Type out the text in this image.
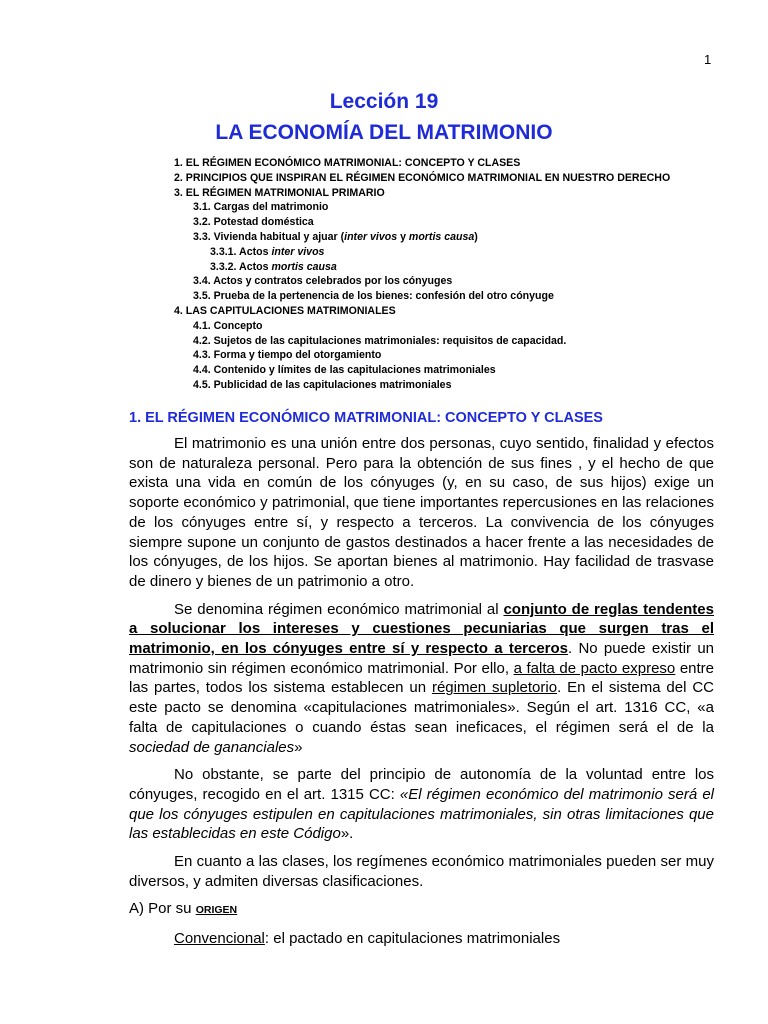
1
Lección 19
LA ECONOMÍA DEL MATRIMONIO
1. EL RÉGIMEN ECONÓMICO MATRIMONIAL: CONCEPTO Y CLASES
2. PRINCIPIOS QUE INSPIRAN EL RÉGIMEN ECONÓMICO MATRIMONIAL EN NUESTRO DERECHO
3. EL RÉGIMEN MATRIMONIAL PRIMARIO
3.1. Cargas del matrimonio
3.2. Potestad doméstica
3.3. Vivienda habitual y ajuar (inter vivos y mortis causa)
3.3.1. Actos inter vivos
3.3.2. Actos mortis causa
3.4. Actos y contratos celebrados por los cónyuges
3.5. Prueba de la pertenencia de los bienes: confesión del otro cónyuge
4. LAS CAPITULACIONES MATRIMONIALES
4.1. Concepto
4.2. Sujetos de las capitulaciones matrimoniales: requisitos de capacidad.
4.3. Forma y tiempo del otorgamiento
4.4. Contenido y límites de las capitulaciones matrimoniales
4.5. Publicidad de las capitulaciones matrimoniales
1. EL RÉGIMEN ECONÓMICO MATRIMONIAL: CONCEPTO Y CLASES

El matrimonio es una unión entre dos personas, cuyo sentido, finalidad y efectos son de naturaleza personal. Pero para la obtención de sus fines , y el hecho de que exista una vida en común de los cónyuges (y, en su caso, de sus hijos) exige un soporte económico y patrimonial, que tiene importantes repercusiones en las relaciones de los cónyuges entre sí, y respecto a terceros. La convivencia de los cónyuges siempre supone un conjunto de gastos destinados a hacer frente a las necesidades de los cónyuges, de los hijos. Se aportan bienes al matrimonio. Hay facilidad de trasvase de dinero y bienes de un patrimonio a otro.

Se denomina régimen económico matrimonial al conjunto de reglas tendentes a solucionar los intereses y cuestiones pecuniarias que surgen tras el matrimonio, en los cónyuges entre sí y respecto a terceros. No puede existir un matrimonio sin régimen económico matrimonial. Por ello, a falta de pacto expreso entre las partes, todos los sistema establecen un régimen supletorio. En el sistema del CC este pacto se denomina «capitulaciones matrimoniales». Según el art. 1316 CC, «a falta de capitulaciones o cuando éstas sean ineficaces, el régimen será el de la sociedad de gananciales»

No obstante, se parte del principio de autonomía de la voluntad entre los cónyuges, recogido en el art. 1315 CC: «El régimen económico del matrimonio será el que los cónyuges estipulen en capitulaciones matrimoniales, sin otras limitaciones que las establecidas en este Código».

En cuanto a las clases, los regímenes económico matrimoniales pueden ser muy diversos, y admiten diversas clasificaciones.

A) Por su ORIGEN

Convencional: el pactado en capitulaciones matrimoniales
